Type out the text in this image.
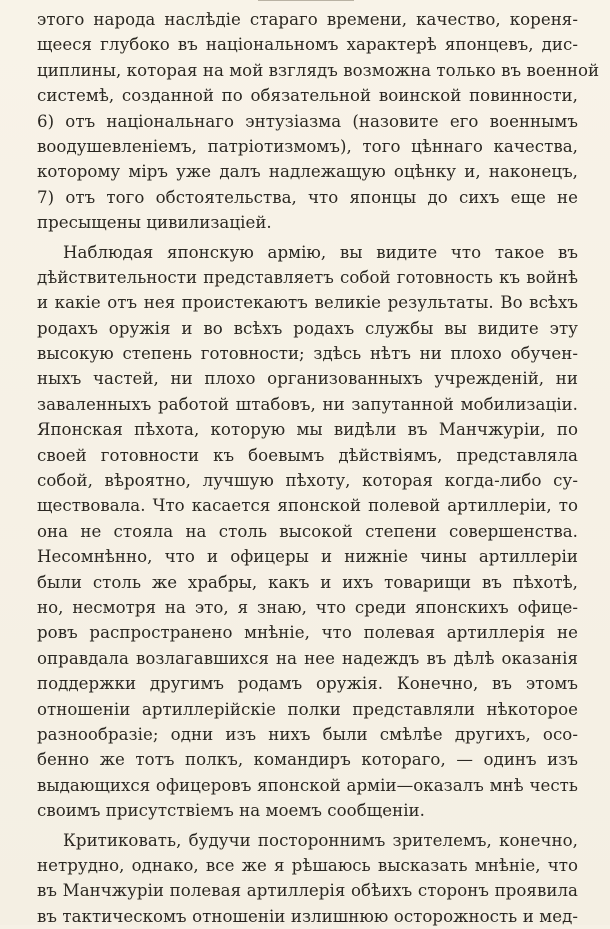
этого народа наслѣдіе стараго времени, качество, кореня-
щееся глубоко въ національномъ характерѣ японцевъ, дис-
циплины, которая на мой взглядъ возможна только въ военной
системѣ, созданной по обязательной воинской повинности,
6) отъ національнаго энтузіазма (назовите его военнымъ
воодушевленіемъ, патріотизмомъ), того цѣннаго качества,
которому міръ уже далъ надлежащую оцѣнку и, наконецъ,
7) отъ того обстоятельства, что японцы до сихъ еще не
пресыщены цивилизаціей.
Наблюдая японскую армію, вы видите что такое въ
дѣйствительности представляетъ собой готовность къ войнѣ
и какіе отъ нея проистекаютъ великіе результаты. Во всѣхъ
родахъ оружія и во всѣхъ родахъ службы вы видите эту
высокую степень готовности; здѣсь нѣтъ ни плохо обучен-
ныхъ частей, ни плохо организованныхъ учрежденій, ни
заваленныхъ работой штабовъ, ни запутанной мобилизаціи.
Японская пѣхота, которую мы видѣли въ Манчжуріи, по
своей готовности къ боевымъ дѣйствіямъ, представляла
собой, вѣроятно, лучшую пѣхоту, которая когда-либо су-
ществовала. Что касается японской полевой артиллеріи, то
она не стояла на столь высокой степени совершенства.
Несомнѣнно, что и офицеры и нижніе чины артиллеріи
были столь же храбры, какъ и ихъ товарищи въ пѣхотѣ,
но, несмотря на это, я знаю, что среди японскихъ офице-
ровъ распространено мнѣніе, что полевая артиллерія не
оправдала возлагавшихся на нее надеждъ въ дѣлѣ оказанія
поддержки другимъ родамъ оружія. Конечно, въ этомъ
отношеніи артиллерійскіе полки представляли нѣкоторое
разнообразіе; одни изъ нихъ были смѣлѣе другихъ, осо-
бенно же тотъ полкъ, командиръ котораго, — одинъ изъ
выдающихся офицеровъ японской арміи—оказалъ мнѣ честь
своимъ присутствіемъ на моемъ сообщеніи.
Критиковать, будучи постороннимъ зрителемъ, конечно,
нетрудно, однако, все же я рѣшаюсь высказать мнѣніе, что
въ Манчжуріи полевая артиллерія обѣихъ сторонъ проявила
въ тактическомъ отношеніи излишнюю осторожность и мед-
